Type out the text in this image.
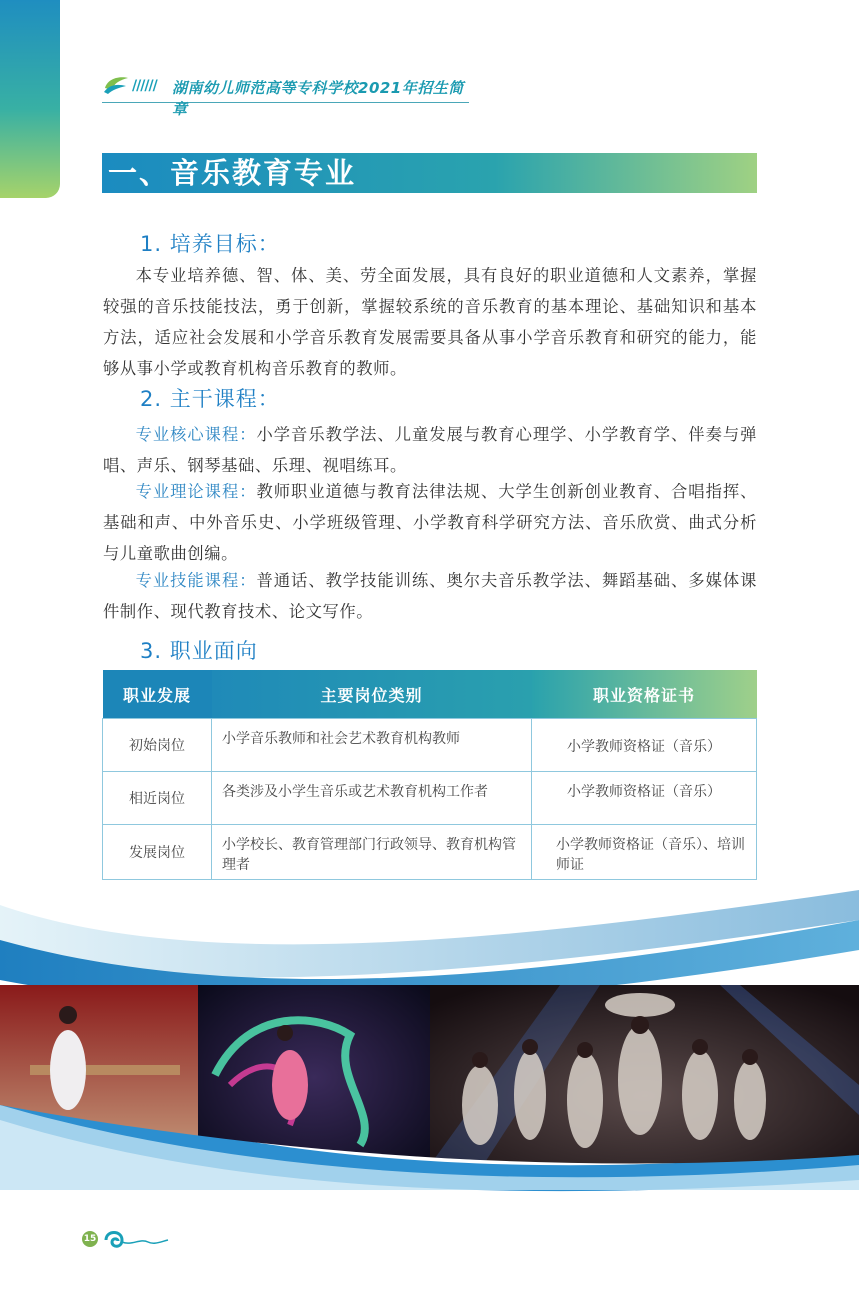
////// 湖南幼儿师范高等专科学校2021年招生简章
一、音乐教育专业
1. 培养目标：

本专业培养德、智、体、美、劳全面发展，具有良好的职业道德和人文素养，掌握较强的音乐技能技法，勇于创新，掌握较系统的音乐教育的基本理论、基础知识和基本方法，适应社会发展和小学音乐教育发展需要具备从事小学音乐教育和研究的能力，能够从事小学或教育机构音乐教育的教师。

2. 主干课程：

专业核心课程：小学音乐教学法、儿童发展与教育心理学、小学教育学、伴奏与弹唱、声乐、钢琴基础、乐理、视唱练耳。

专业理论课程：教师职业道德与教育法律法规、大学生创新创业教育、合唱指挥、基础和声、中外音乐史、小学班级管理、小学教育科学研究方法、音乐欣赏、曲式分析与儿童歌曲创编。

专业技能课程：普通话、教学技能训练、奥尔夫音乐教学法、舞蹈基础、多媒体课件制作、现代教育技术、论文写作。

3. 职业面向
职业发展	主要岗位类别	职业资格证书
初始岗位	小学音乐教师和社会艺术教育机构教师	小学教师资格证（音乐）

相近岗位	各类涉及小学生音乐或艺术教育机构工作者	小学教师资格证（音乐）

发展岗位	小学校长、教育管理部门行政领导、教育机构管理者	小学教师资格证（音乐）、培训师证
15
